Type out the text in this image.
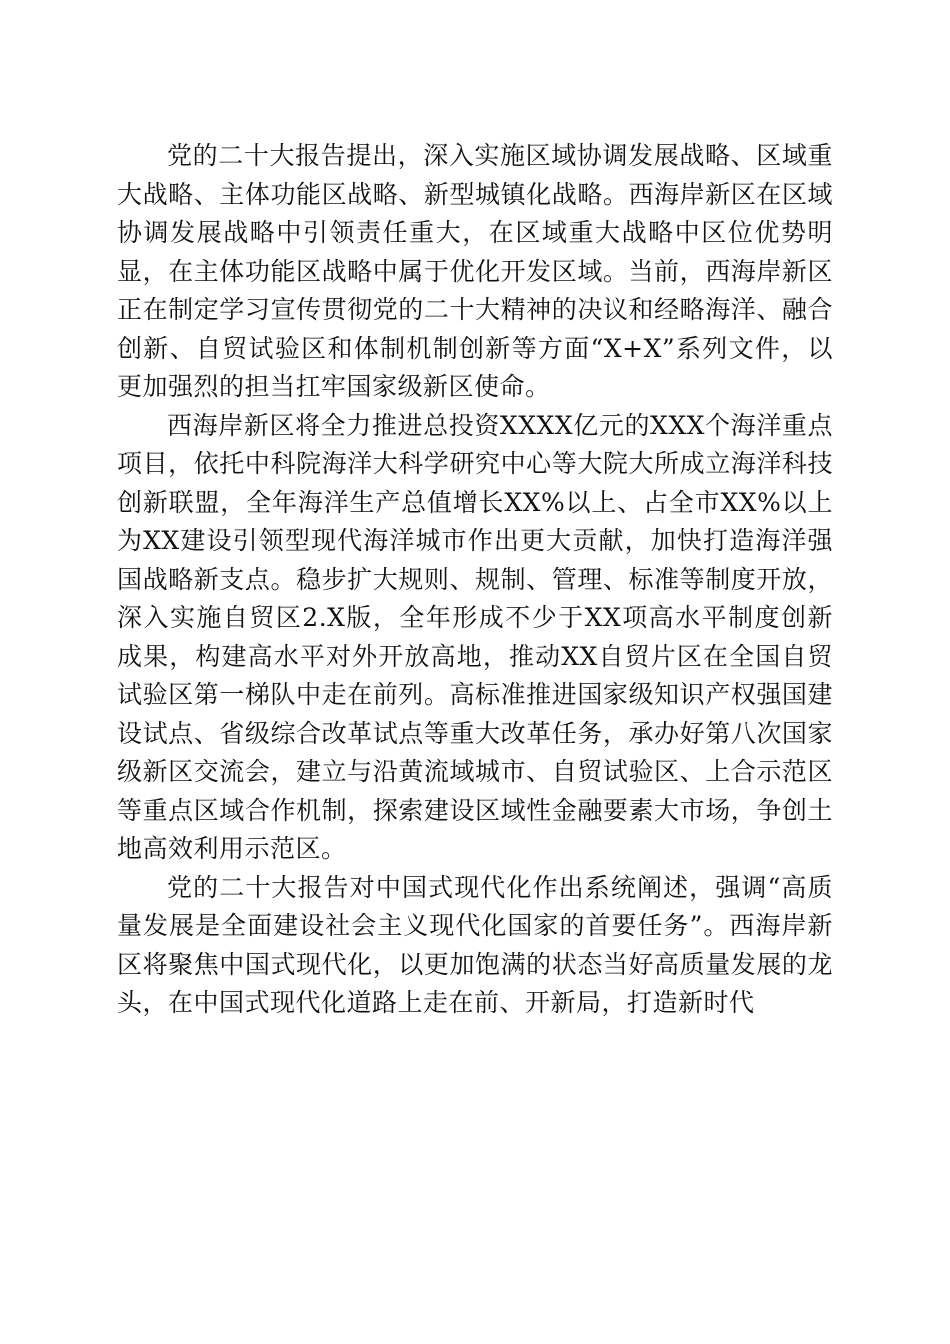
党的二十大报告提出，深入实施区域协调发展战略、区域重大战略、主体功能区战略、新型城镇化战略。西海岸新区在区域协调发展战略中引领责任重大，在区域重大战略中区位优势明显，在主体功能区战略中属于优化开发区域。当前，西海岸新区正在制定学习宣传贯彻党的二十大精神的决议和经略海洋、融合创新、自贸试验区和体制机制创新等方面“X+X”系列文件，以更加强烈的担当扛牢国家级新区使命。

西海岸新区将全力推进总投资XXXX亿元的XXX个海洋重点项目，依托中科院海洋大科学研究中心等大院大所成立海洋科技创新联盟，全年海洋生产总值增长XX%以上、占全市XX%以上为XX建设引领型现代海洋城市作出更大贡献，加快打造海洋强国战略新支点。稳步扩大规则、规制、管理、标准等制度开放，深入实施自贸区2.X版，全年形成不少于XX项高水平制度创新成果，构建高水平对外开放高地，推动XX自贸片区在全国自贸试验区第一梯队中走在前列。高标准推进国家级知识产权强国建设试点、省级综合改革试点等重大改革任务，承办好第八次国家级新区交流会，建立与沿黄流域城市、自贸试验区、上合示范区等重点区域合作机制，探索建设区域性金融要素大市场，争创土地高效利用示范区。

党的二十大报告对中国式现代化作出系统阐述，强调“高质量发展是全面建设社会主义现代化国家的首要任务”。西海岸新区将聚焦中国式现代化，以更加饱满的状态当好高质量发展的龙头，在中国式现代化道路上走在前、开新局，打造新时代
